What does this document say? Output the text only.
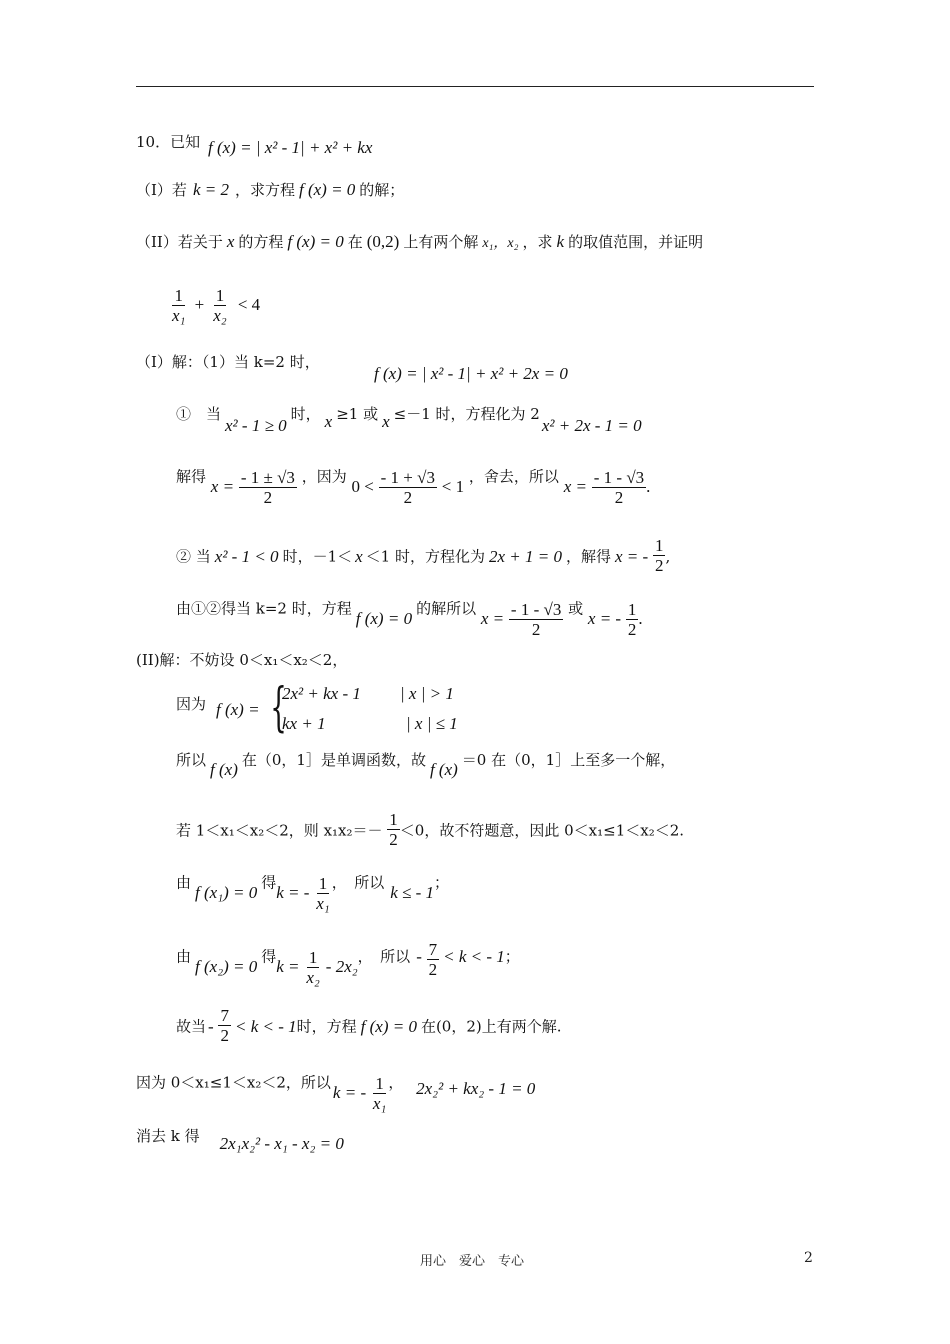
10．已知 f (x) = | x² - 1| + x² + kx
（I）若 k = 2 ，求方程 f (x) = 0 的解；
（II）若关于 x 的方程 f (x) = 0 在 (0,2) 上有两个解 x₁，x₂ ，求 k 的取值范围，并证明
$\frac{1}{\text{x₁}} + \frac{1}{\text{x₂}} < 4$
（Ⅰ）解：（1）当 k=2 时，
f (x) = | x² - 1| + x² + 2x = 0
①　当x² - 1 ≥ 0时， x ≥1 或 x ≤－1 时，方程化为 2x² + 2x - 1 = 0
解得 $x = \frac{- 1 \pm √3}{2}$ ，因为 $0 < \frac{- 1 + √3}{2} < 1$ ，舍去，所以 $x = \frac{- 1 - √3}{2}$ .
② 当 x² - 1 < 0 时，－1＜ x ＜1 时，方程化为 2x + 1 = 0 ，解得 x = - $\frac{1}{2}$ ,
由①②得当 k=2 时，方程 f (x) = 0 的解所以 $x = \frac{- 1 - √3}{2}$ 或 x = - $\frac{1}{2}$ .
(II)解：不妨设 0＜x₁＜x₂＜2，
因为 f (x) = {
2x² + kx - 1 | x | > 1
kx + 1	| x | ≤ 1
所以 f (x) 在（0，1］是单调函数，故 f (x) ＝0 在（0，1］上至多一个解，
若 1＜x₁＜x₂＜2，则 $x_1x_2=- \frac{1}{2} <0$，故不符题意，因此 0＜x₁≤1＜x₂＜2.
由 f (x₁) = 0 得k = - $\frac{1}{\text{x₁}}$ ，　所以 k ≤ - 1；
由 f (x₂) = 0 得$k = \frac{1}{\text{x₂}} - 2x_2$，　所以 - $\frac{7}{2} < k$ < - 1；
故当 - $\frac{7}{2} < k$ < - 1时，方程 f (x) = 0 在(0，2)上有两个解.
因为 0＜x₁≤1＜x₂＜2，所以 k = - $\frac{1}{\text{x₁}}$ ， 2x₂² + kx₂ - 1 = 0
消去 k 得 2x₁x₂² - x₁ - x₂ = 0
用心　爱心　专心	2
